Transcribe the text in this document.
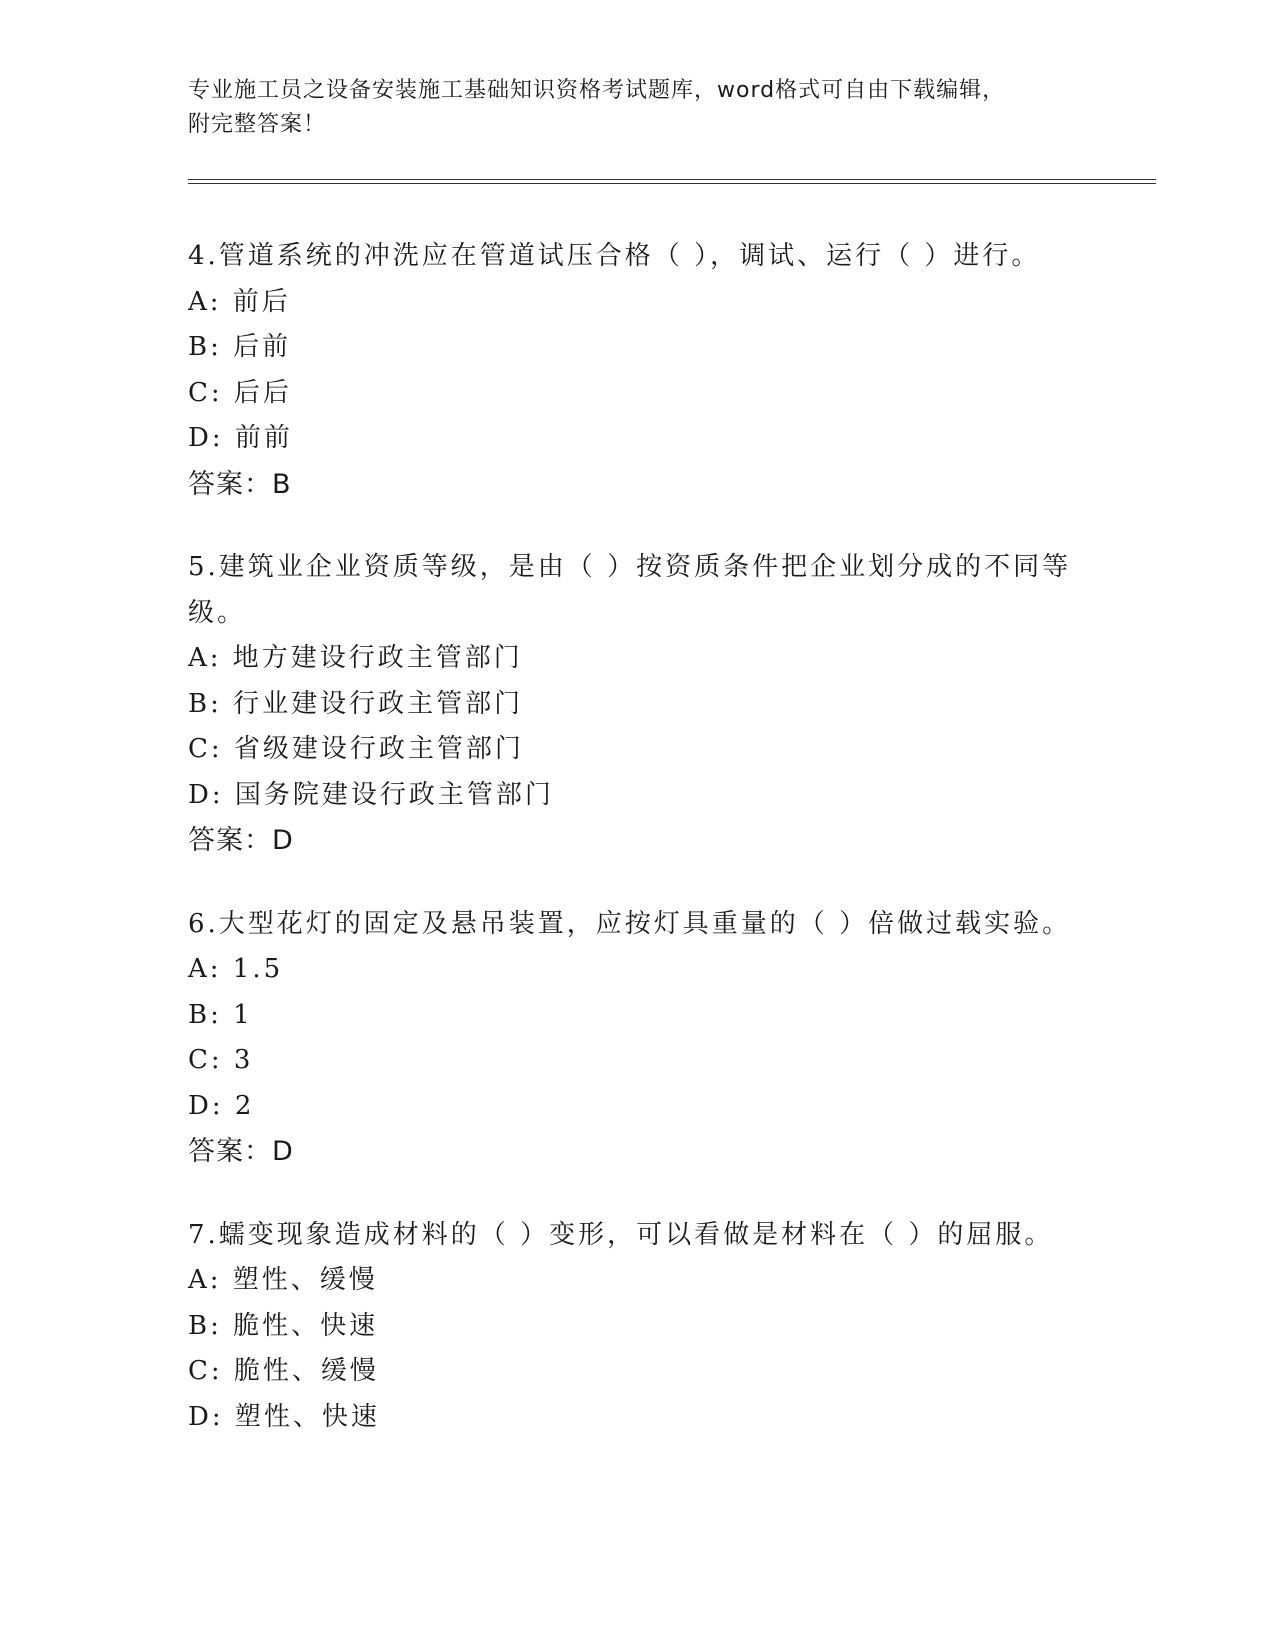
专业施工员之设备安装施工基础知识资格考试题库，word格式可自由下载编辑，
附完整答案！

4.管道系统的冲洗应在管道试压合格（ ），调试、运行（ ）进行。

A: 前后

B: 后前

C: 后后

D: 前前

答案：B

5.建筑业企业资质等级，是由（ ）按资质条件把企业划分成的不同等级。

A: 地方建设行政主管部门

B: 行业建设行政主管部门

C: 省级建设行政主管部门

D: 国务院建设行政主管部门

答案：D

6.大型花灯的固定及悬吊装置，应按灯具重量的（ ）倍做过载实验。

A: 1.5

B: 1

C: 3

D: 2

答案：D

7.蠕变现象造成材料的（ ）变形，可以看做是材料在（ ）的屈服。

A: 塑性、缓慢

B: 脆性、快速

C: 脆性、缓慢

D: 塑性、快速
